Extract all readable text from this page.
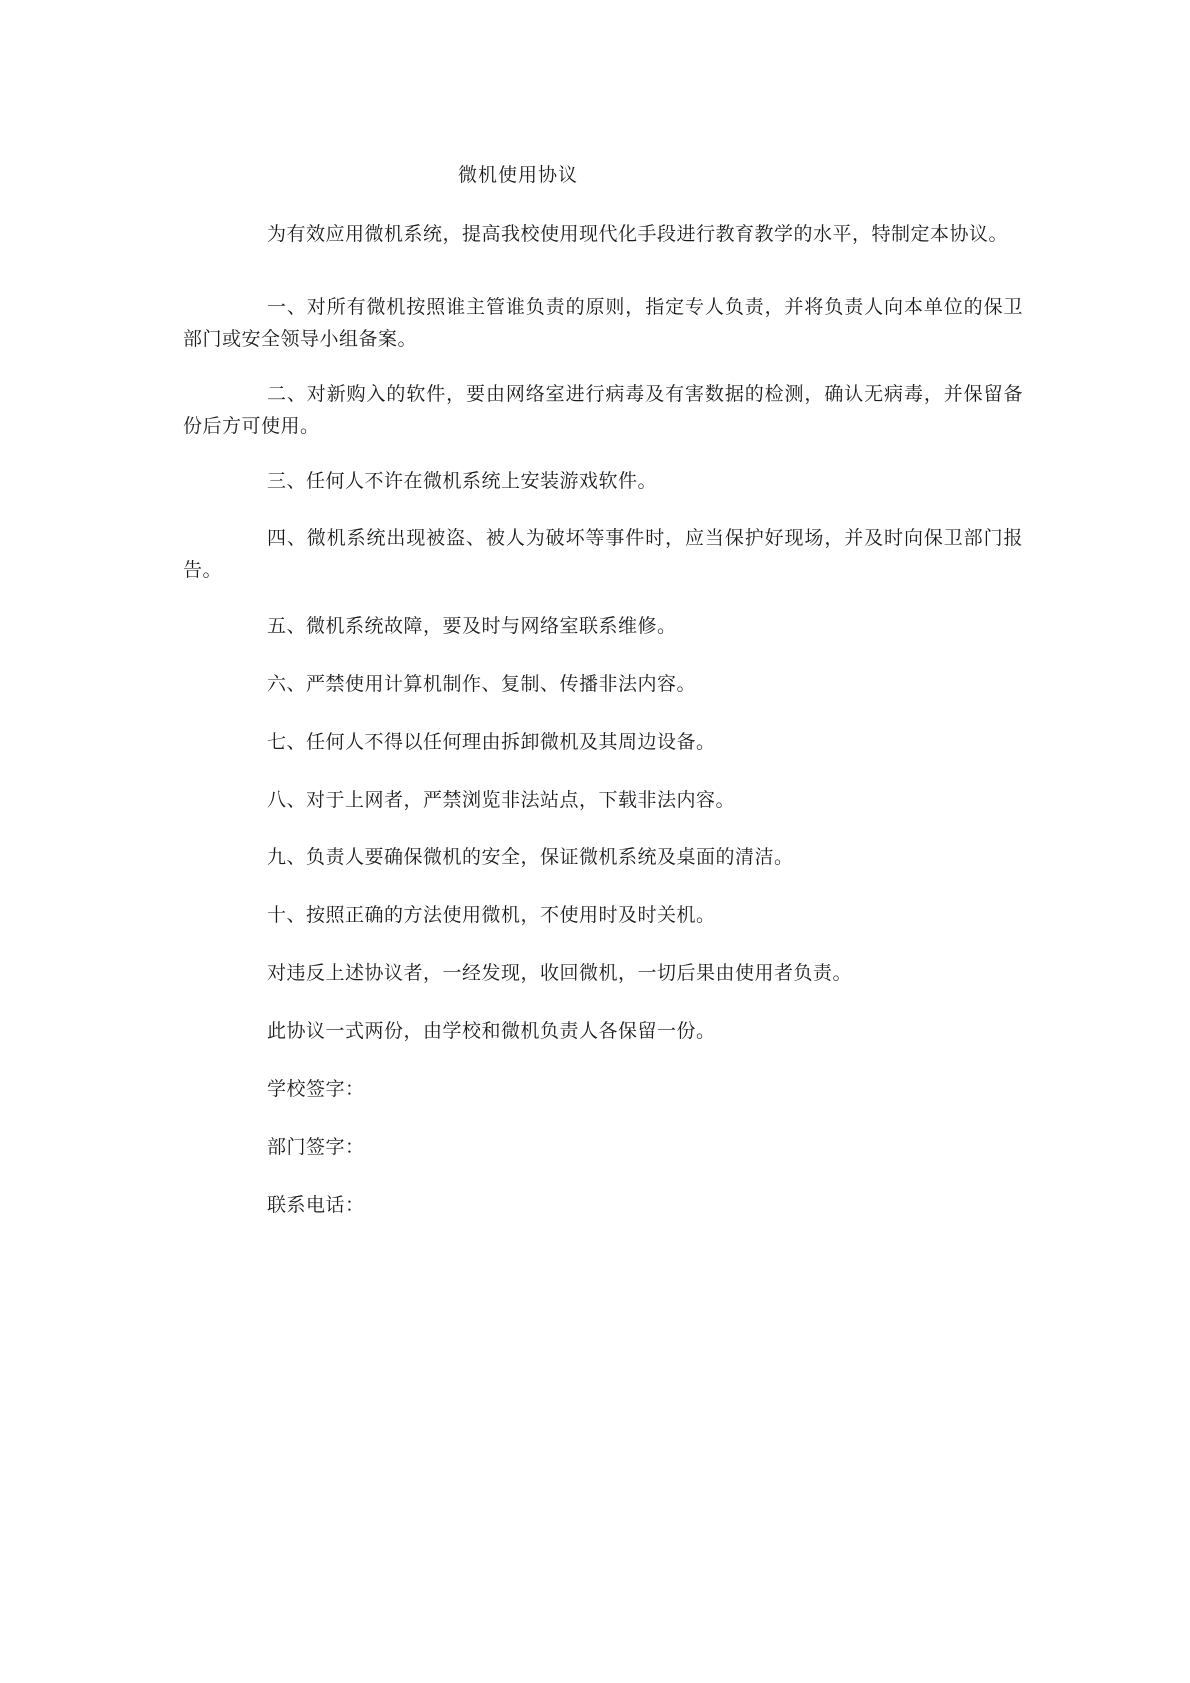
微机使用协议
为有效应用微机系统，提高我校使用现代化手段进行教育教学的水平，特制定本协议。
一、对所有微机按照谁主管谁负责的原则，指定专人负责，并将负责人向本单位的保卫部门或安全领导小组备案。
二、对新购入的软件，要由网络室进行病毒及有害数据的检测，确认无病毒，并保留备份后方可使用。
三、任何人不许在微机系统上安装游戏软件。
四、微机系统出现被盗、被人为破坏等事件时，应当保护好现场，并及时向保卫部门报告。
五、微机系统故障，要及时与网络室联系维修。
六、严禁使用计算机制作、复制、传播非法内容。
七、任何人不得以任何理由拆卸微机及其周边设备。
八、对于上网者，严禁浏览非法站点，下载非法内容。
九、负责人要确保微机的安全，保证微机系统及桌面的清洁。
十、按照正确的方法使用微机，不使用时及时关机。
对违反上述协议者，一经发现，收回微机，一切后果由使用者负责。
此协议一式两份，由学校和微机负责人各保留一份。
学校签字：
部门签字：
联系电话：
